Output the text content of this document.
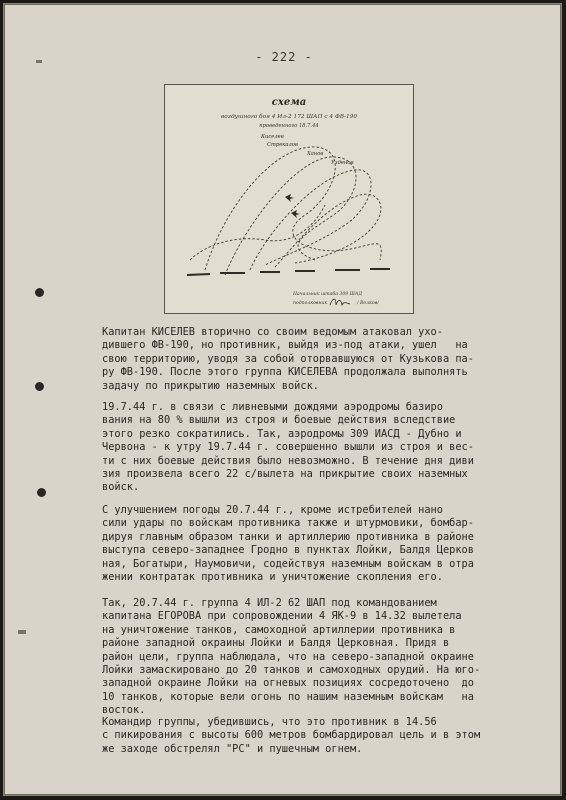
- 222 -
схема
воздушного боя 4 Ил-2 172 ШАП с 4 ФВ-190
проведенного 18.7.44
Киселев
Стрекалов
Ханов
Узденов
Начальник штаба 309 ШАД
подполковник	/ Волков/

Капитан КИСЕЛЕВ вторично со своим ведомым атаковал ухо-
дившего ФВ-190, но противник, выйдя из-под атаки, ушел   на
свою территорию, уводя за собой оторвавшуюся от Кузькова па-
ру ФВ-190. После этого группа КИСЕЛЕВА продолжала выполнять
задачу по прикрытию наземных войск.

19.7.44 г. в связи с ливневыми дождями аэродромы базиро
вания на 80 % вышли из строя и боевые действия вследствие
этого резко сократились. Так, аэродромы 309 ИАСД - Дубно и
Червона - к утру 19.7.44 г. совершенно вышли из строя и вес-
ти с них боевые действия было невозможно. В течение дня диви
зия произвела всего 22 с/вылета на прикрытие своих наземных
войск.

С улучшением погоды 20.7.44 г., кроме истребителей нано
сили удары по войскам противника также и штурмовики, бомбар-
дируя главным образом танки и артиллерию противника в районе
выступа северо-западнее Гродно в пунктах Лойки, Балдя Церков
ная, Богатыри, Наумовичи, содействуя наземным войскам в отра
жении контратак противника и уничтожение скопления его.

Так, 20.7.44 г. группа 4 ИЛ-2 62 ШАП под командованием
капитана ЕГОРОВА при сопровождении 4 ЯК-9 в 14.32 вылетела
на уничтожение танков, самоходной артиллерии противника в
районе западной окраины Лойки и Балдя Церковная. Придя в
район цели, группа наблюдала, что на северо-западной окраине
Лойки замаскировано до 20 танков и самоходных орудий. На юго-
западной окраине Лойки на огневых позициях сосредоточено  до
10 танков, которые вели огонь по нашим наземным войскам   на
восток.

Командир группы, убедившись, что это противник в 14.56
с пикирования с высоты 600 метров бомбардировал цель и в этом
же заходе обстрелял "РС" и пушечным огнем.
